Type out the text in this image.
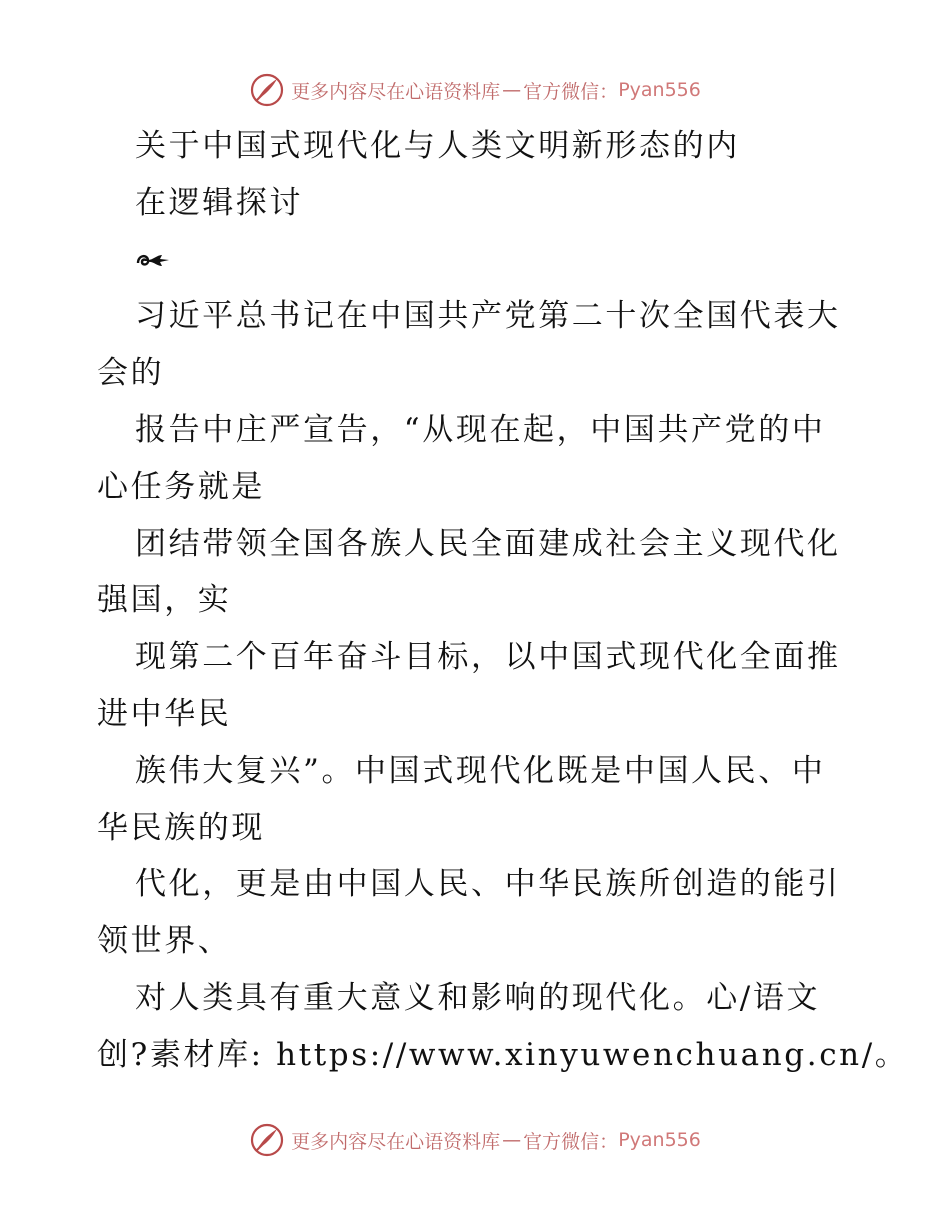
更多内容尽在心语资料库 — 官方微信： Pyan556
关于中国式现代化与人类文明新形态的内
在逻辑探讨
习近平总书记在中国共产党第二十次全国代表大
会的
报告中庄严宣告，“从现在起，中国共产党的中
心任务就是
团结带领全国各族人民全面建成社会主义现代化
强国，实
现第二个百年奋斗目标，以中国式现代化全面推
进中华民
族伟大复兴”。中国式现代化既是中国人民、中
华民族的现
代化，更是由中国人民、中华民族所创造的能引
领世界、
对人类具有重大意义和影响的现代化。心/语文
创?素材库: https://www.xinyuwenchuang.cn/。
更多内容尽在心语资料库 — 官方微信： Pyan556
